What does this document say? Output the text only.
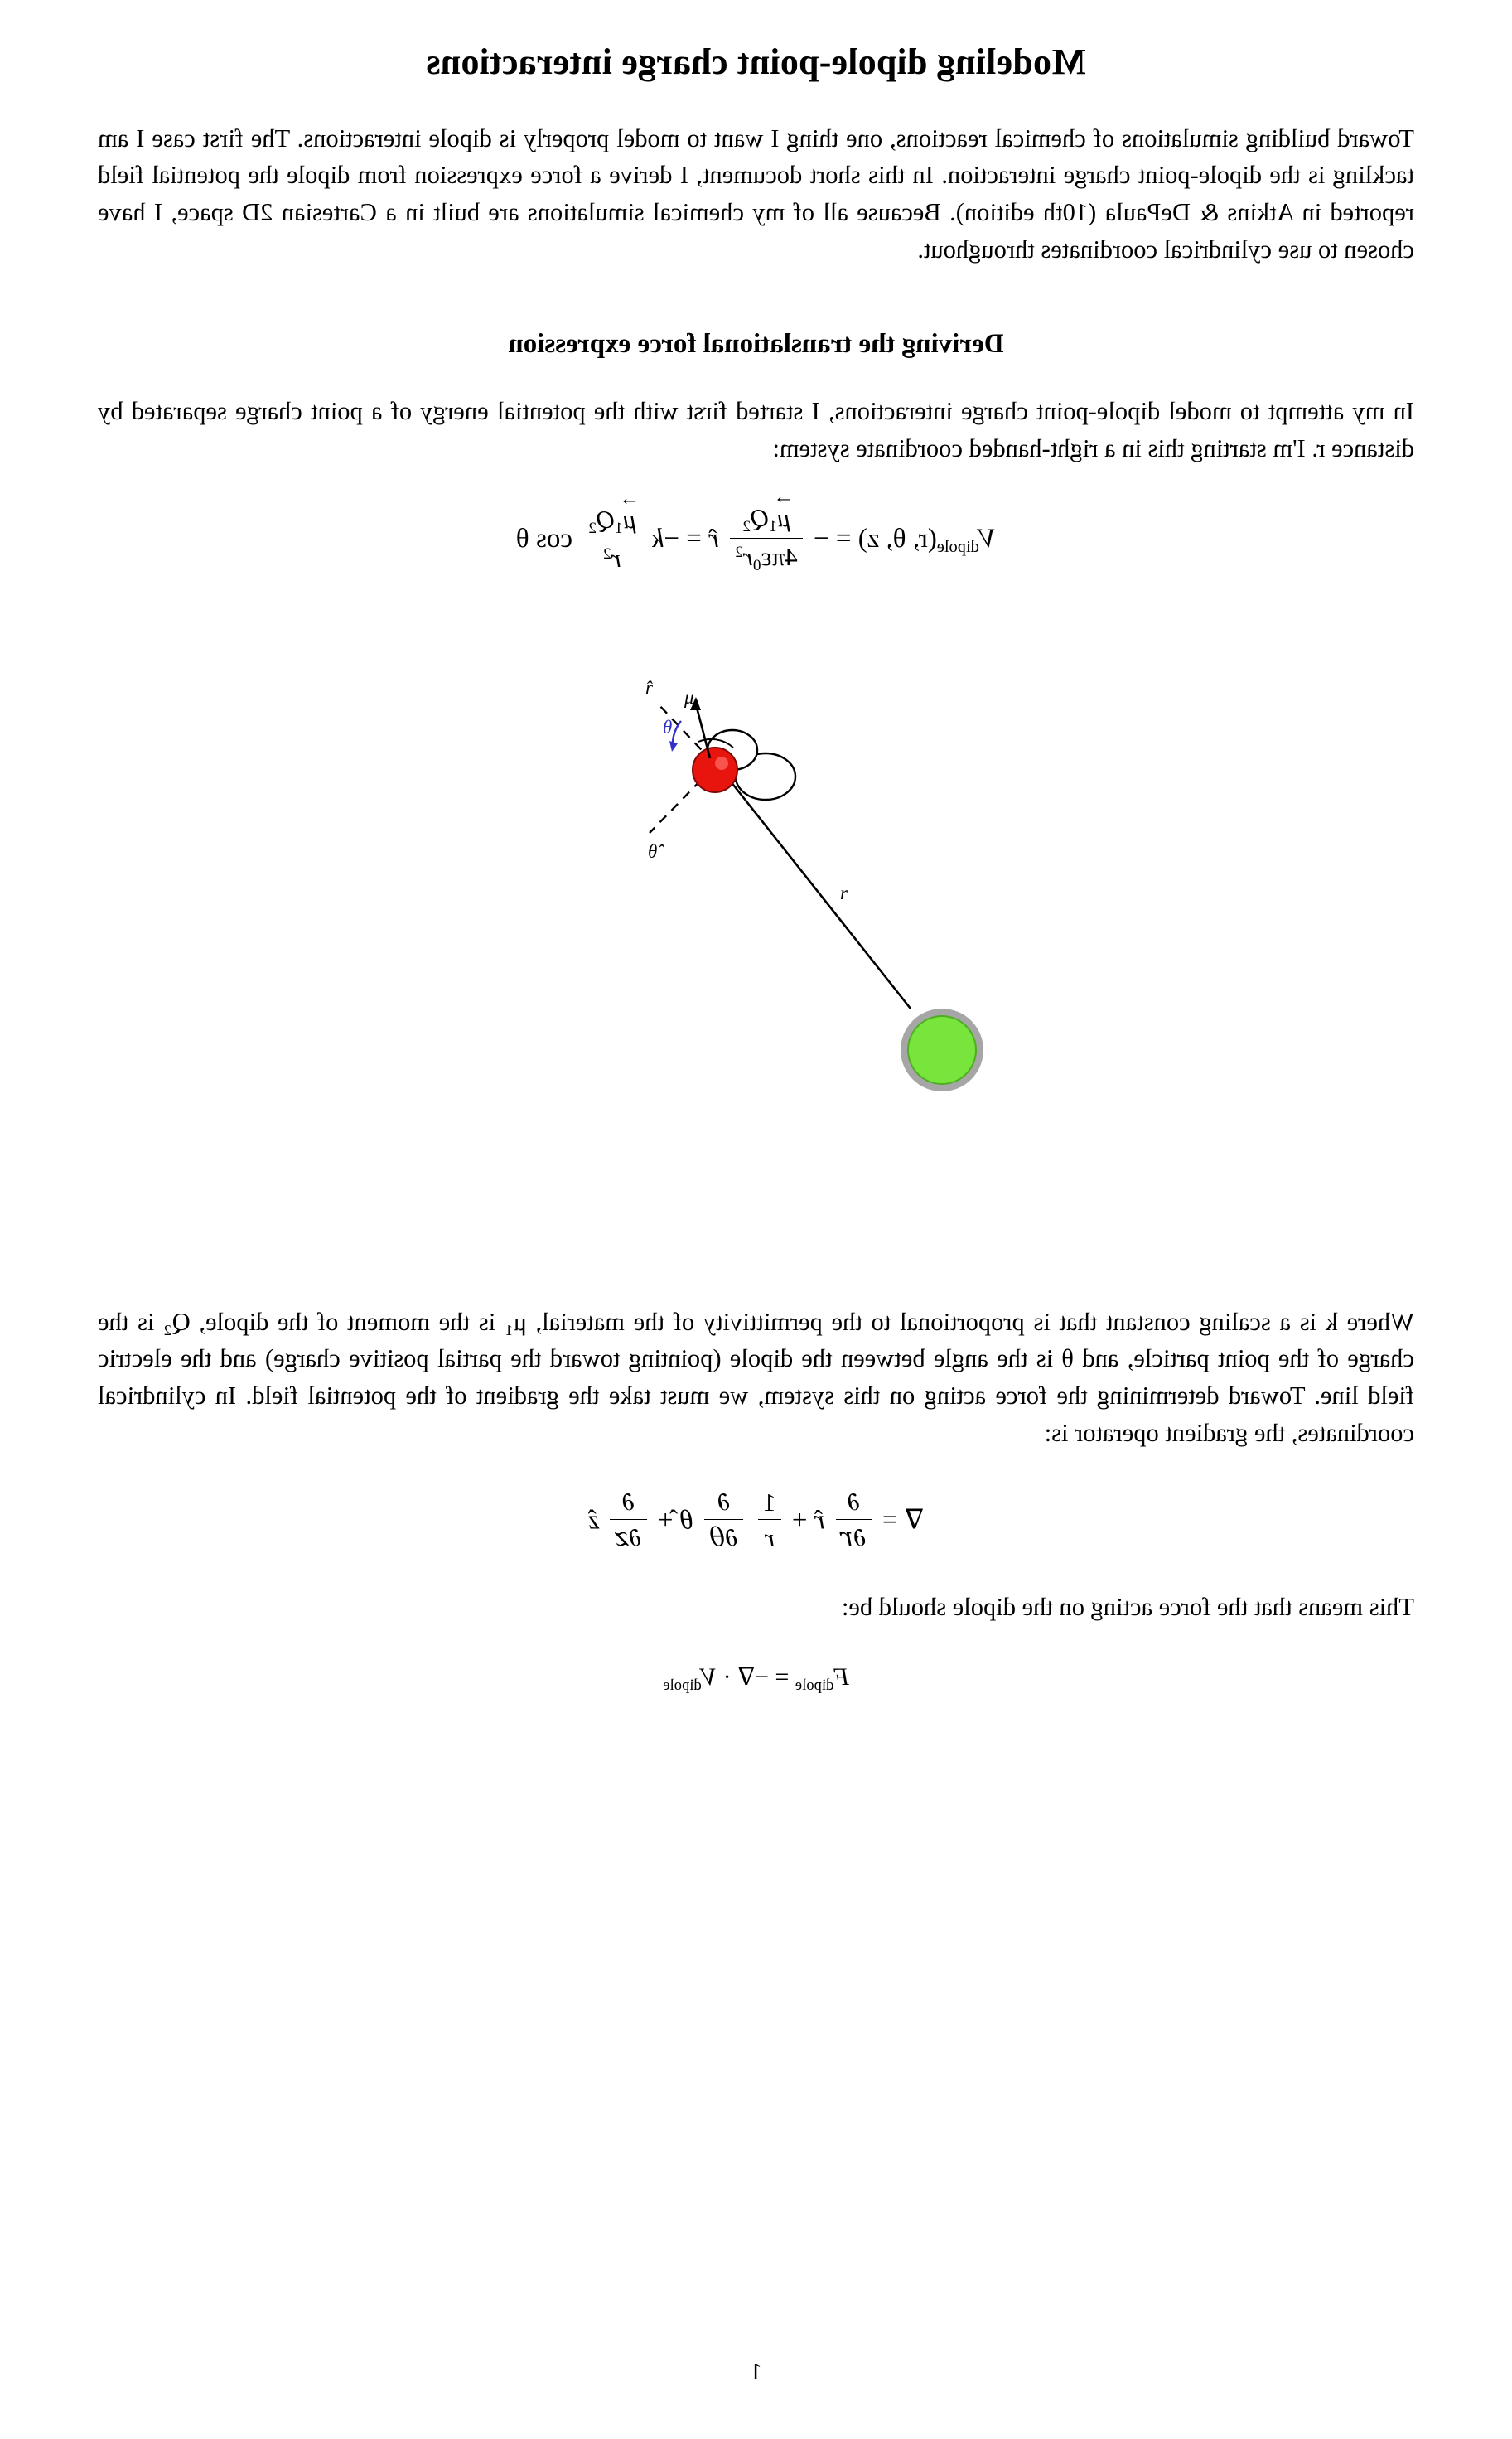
Modeling dipole-point charge interactions

Toward building simulations of chemical reactions, one thing I want to model properly is dipole interactions. The first case I am tackling is the dipole-point charge interaction. In this short document, I derive a force expression from dipole the potential field reported in Atkins & DePaula (10th edition). Because all of my chemical simulations are built in a Cartesian 2D space, I have chosen to use cylindrical coordinates throughout.

Deriving the translational force expression

In my attempt to model dipole-point charge interactions, I started first with the potential energy of a point charge separated by distance r. I'm starting this in a right-handed coordinate system:

Vdipole(r, θ, z) = −
→
μ1Q2
4πε0r2
r̂ = −k
→
μ1Q2
r2
cos θ
$\mu_1$
θ
r̂
θ̂
r

Where k is a scaling constant that is proportional to the permittivity of the material, μ₁ is the moment of the dipole, Q₂ is the charge of the point particle, and θ is the angle between the dipole (pointing toward the partial positive charge) and the electric field line. Toward determining the force acting on this system, we must take the gradient of the potential field. In cylindrical coordinates, the gradient operator is:

∇ =
$\frac{\partial}{\partial r}$
r̂ +
$\frac{1}{r}$

$\frac{\partial}{\partial\theta}$
θ̂ +
$\frac{\partial}{\partial z}$
ẑ

This means that the force acting on the dipole should be:

Fdipole = −∇ · Vdipole
1
